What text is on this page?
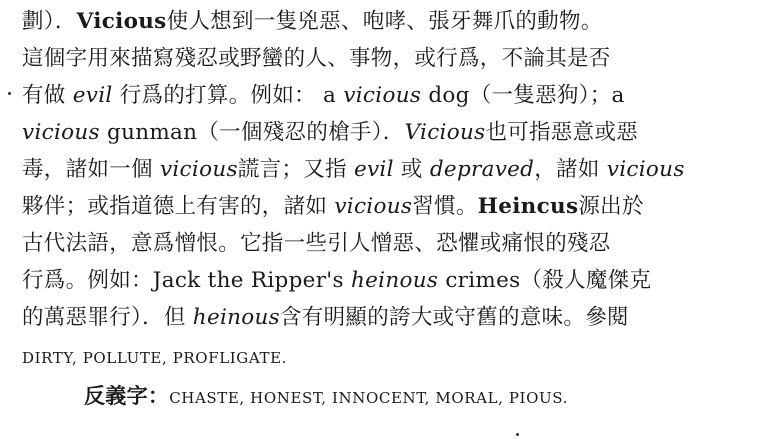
劃）．Vicious使人想到一隻兇惡、咆哮、張牙舞爪的動物。
這個字用來描寫殘忍或野蠻的人、事物，或行爲，不論其是否
有做 evil 行爲的打算。例如： a vicious dog（一隻惡狗）；a
vicious gunman（一個殘忍的槍手）．Vicious也可指惡意或惡
毒，諸如一個 vicious謊言；又指 evil 或 depraved，諸如 vicious
夥伴；或指道德上有害的，諸如 vicious習慣。Heincus源出於
古代法語，意爲憎恨。它指一些引人憎惡、恐懼或痛恨的殘忍
行爲。例如：Jack the Ripper's heinous crimes（殺人魔傑克
的萬惡罪行）．但 heinous含有明顯的誇大或守舊的意味。參閱
DIRTY, POLLUTE, PROFLIGATE.
反義字：CHASTE, HONEST, INNOCENT, MORAL, PIOUS.
